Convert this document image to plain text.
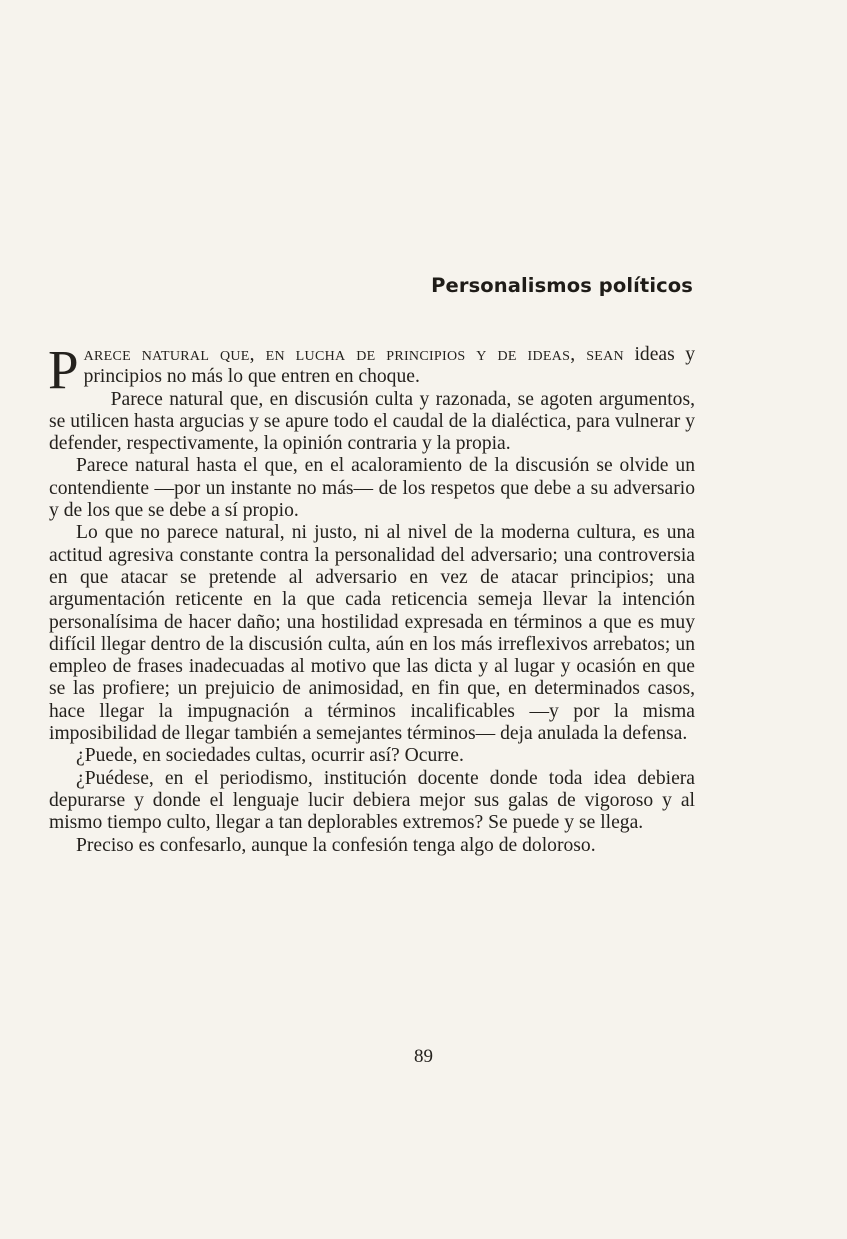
Personalismos políticos

Parece natural que, en lucha de principios y de ideas, sean ideas y principios no más lo que entren en choque.

Parece natural que, en discusión culta y razonada, se agoten argumentos, se utilicen hasta argucias y se apure todo el caudal de la dialéctica, para vulnerar y defender, respectivamente, la opinión contraria y la propia.

Parece natural hasta el que, en el acaloramiento de la discusión se olvide un contendiente —por un instante no más— de los respetos que debe a su adversario y de los que se debe a sí propio.

Lo que no parece natural, ni justo, ni al nivel de la moderna cultura, es una actitud agresiva constante contra la personalidad del adversario; una controversia en que atacar se pretende al adversario en vez de atacar principios; una argumentación reticente en la que cada reticencia semeja llevar la intención personalísima de hacer daño; una hostilidad expresada en términos a que es muy difícil llegar dentro de la discusión culta, aún en los más irreflexivos arrebatos; un empleo de frases inadecuadas al motivo que las dicta y al lugar y ocasión en que se las profiere; un prejuicio de animosidad, en fin que, en determinados casos, hace llegar la impugnación a términos incalificables —y por la misma imposibilidad de llegar también a semejantes términos— deja anulada la defensa.

¿Puede, en sociedades cultas, ocurrir así? Ocurre.

¿Puédese, en el periodismo, institución docente donde toda idea debiera depurarse y donde el lenguaje lucir debiera mejor sus galas de vigoroso y al mismo tiempo culto, llegar a tan deplorables extremos? Se puede y se llega.

Preciso es confesarlo, aunque la confesión tenga algo de doloroso.

89
